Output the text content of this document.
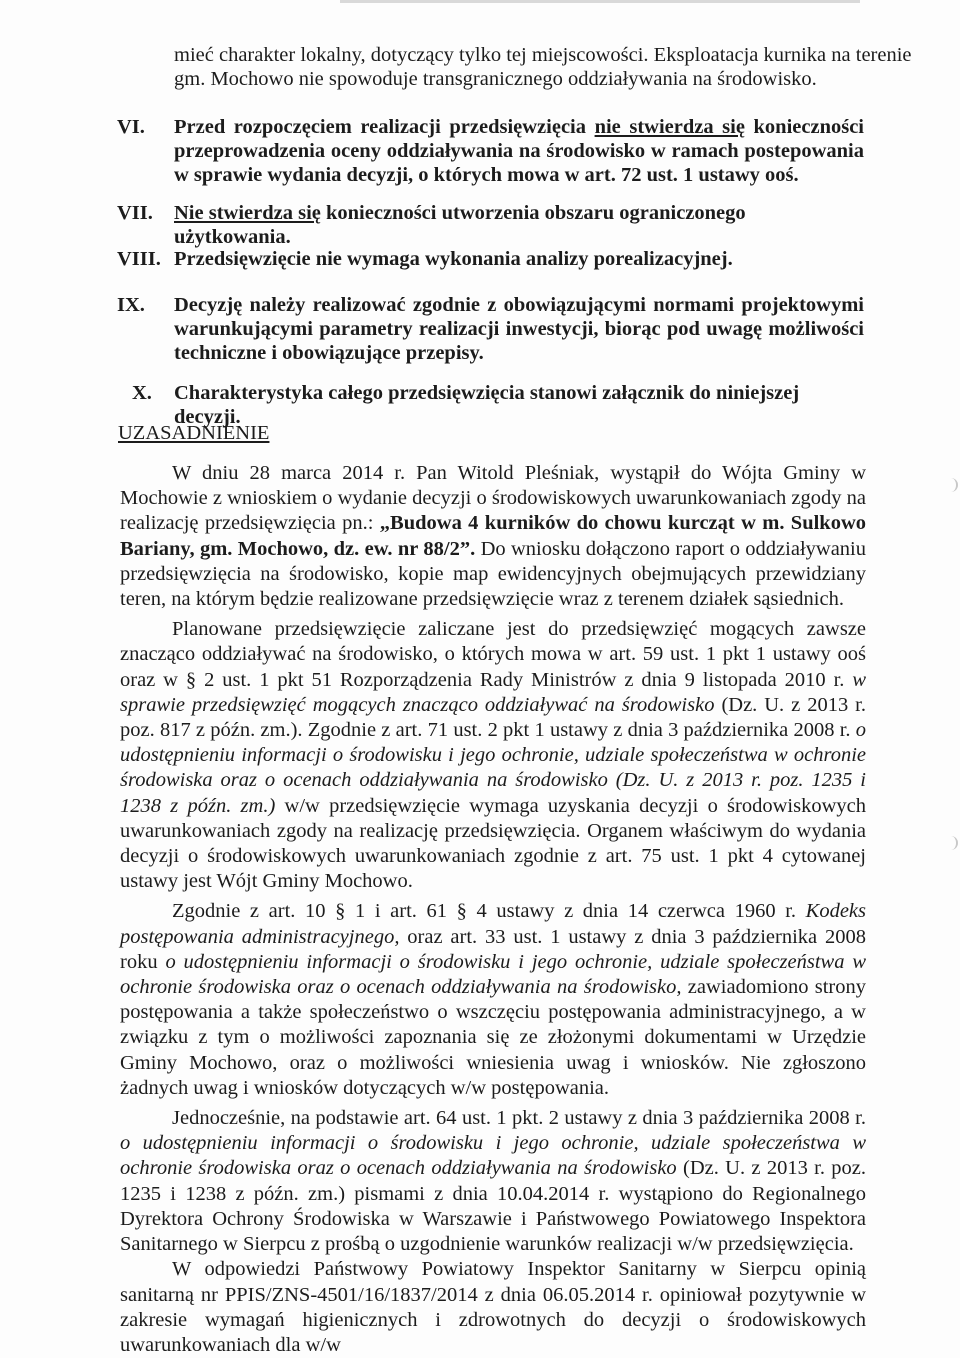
mieć charakter lokalny, dotyczący tylko tej miejscowości. Eksploatacja kurnika na terenie
gm. Mochowo nie spowoduje transgranicznego oddziaływania na środowisko.
VI. Przed rozpoczęciem realizacji przedsięwzięcia nie stwierdza się konieczności przeprowadzenia oceny oddziaływania na środowisko w ramach postepowania w sprawie wydania decyzji, o których mowa w art. 72 ust. 1 ustawy ooś.
VII. Nie stwierdza się konieczności utworzenia obszaru ograniczonego użytkowania.
VIII. Przedsięwzięcie nie wymaga wykonania analizy porealizacyjnej.
IX. Decyzję należy realizować zgodnie z obowiązującymi normami projektowymi warunkującymi parametry realizacji inwestycji, biorąc pod uwagę możliwości techniczne i obowiązujące przepisy.
X. Charakterystyka całego przedsięwzięcia stanowi załącznik do niniejszej decyzji.
UZASADNIENIE

W dniu 28 marca 2014 r. Pan Witold Pleśniak, wystąpił do Wójta Gminy w Mochowie z wnioskiem o wydanie decyzji o środowiskowych uwarunkowaniach zgody na realizację przedsięwzięcia pn.: „Budowa 4 kurników do chowu kurcząt w m. Sulkowo Bariany, gm. Mochowo, dz. ew. nr 88/2”. Do wniosku dołączono raport o oddziaływaniu przedsięwzięcia na środowisko, kopie map ewidencyjnych obejmujących przewidziany teren, na którym będzie realizowane przedsięwzięcie wraz z terenem działek sąsiednich.

Planowane przedsięwzięcie zaliczane jest do przedsięwzięć mogących zawsze znacząco oddziaływać na środowisko, o których mowa w art. 59 ust. 1 pkt 1 ustawy ooś oraz w § 2 ust. 1 pkt 51 Rozporządzenia Rady Ministrów z dnia 9 listopada 2010 r. w sprawie przedsięwzięć mogących znacząco oddziaływać na środowisko (Dz. U. z 2013 r. poz. 817 z późn. zm.). Zgodnie z art. 71 ust. 2 pkt 1 ustawy z dnia 3 października 2008 r. o udostępnieniu informacji o środowisku i jego ochronie, udziale społeczeństwa w ochronie środowiska oraz o ocenach oddziaływania na środowisko (Dz. U. z 2013 r. poz. 1235 i 1238 z późn. zm.) w/w przedsięwzięcie wymaga uzyskania decyzji o środowiskowych uwarunkowaniach zgody na realizację przedsięwzięcia. Organem właściwym do wydania decyzji o środowiskowych uwarunkowaniach zgodnie z art. 75 ust. 1 pkt 4 cytowanej ustawy jest Wójt Gminy Mochowo.

Zgodnie z art. 10 § 1 i art. 61 § 4 ustawy z dnia 14 czerwca 1960 r. Kodeks postępowania administracyjnego, oraz art. 33 ust. 1 ustawy z dnia 3 października 2008 roku o udostępnieniu informacji o środowisku i jego ochronie, udziale społeczeństwa w ochronie środowiska oraz o ocenach oddziaływania na środowisko, zawiadomiono strony postępowania a także społeczeństwo o wszczęciu postępowania administracyjnego, a w związku z tym o możliwości zapoznania się ze złożonymi dokumentami w Urzędzie Gminy Mochowo, oraz o możliwości wniesienia uwag i wniosków. Nie zgłoszono żadnych uwag i wniosków dotyczących w/w postępowania.

Jednocześnie, na podstawie art. 64 ust. 1 pkt. 2 ustawy z dnia 3 października 2008 r. o udostępnieniu informacji o środowisku i jego ochronie, udziale społeczeństwa w ochronie środowiska oraz o ocenach oddziaływania na środowisko (Dz. U. z 2013 r. poz. 1235 i 1238 z późn. zm.) pismami z dnia 10.04.2014 r. wystąpiono do Regionalnego Dyrektora Ochrony Środowiska w Warszawie i Państwowego Powiatowego Inspektora Sanitarnego w Sierpcu z prośbą o uzgodnienie warunków realizacji w/w przedsięwzięcia.

W odpowiedzi Państwowy Powiatowy Inspektor Sanitarny w Sierpcu opinią sanitarną nr PPIS/ZNS-4501/16/1837/2014 z dnia 06.05.2014 r. opiniował pozytywnie w zakresie wymagań higienicznych i zdrowotnych do decyzji o środowiskowych uwarunkowaniach dla w/w
